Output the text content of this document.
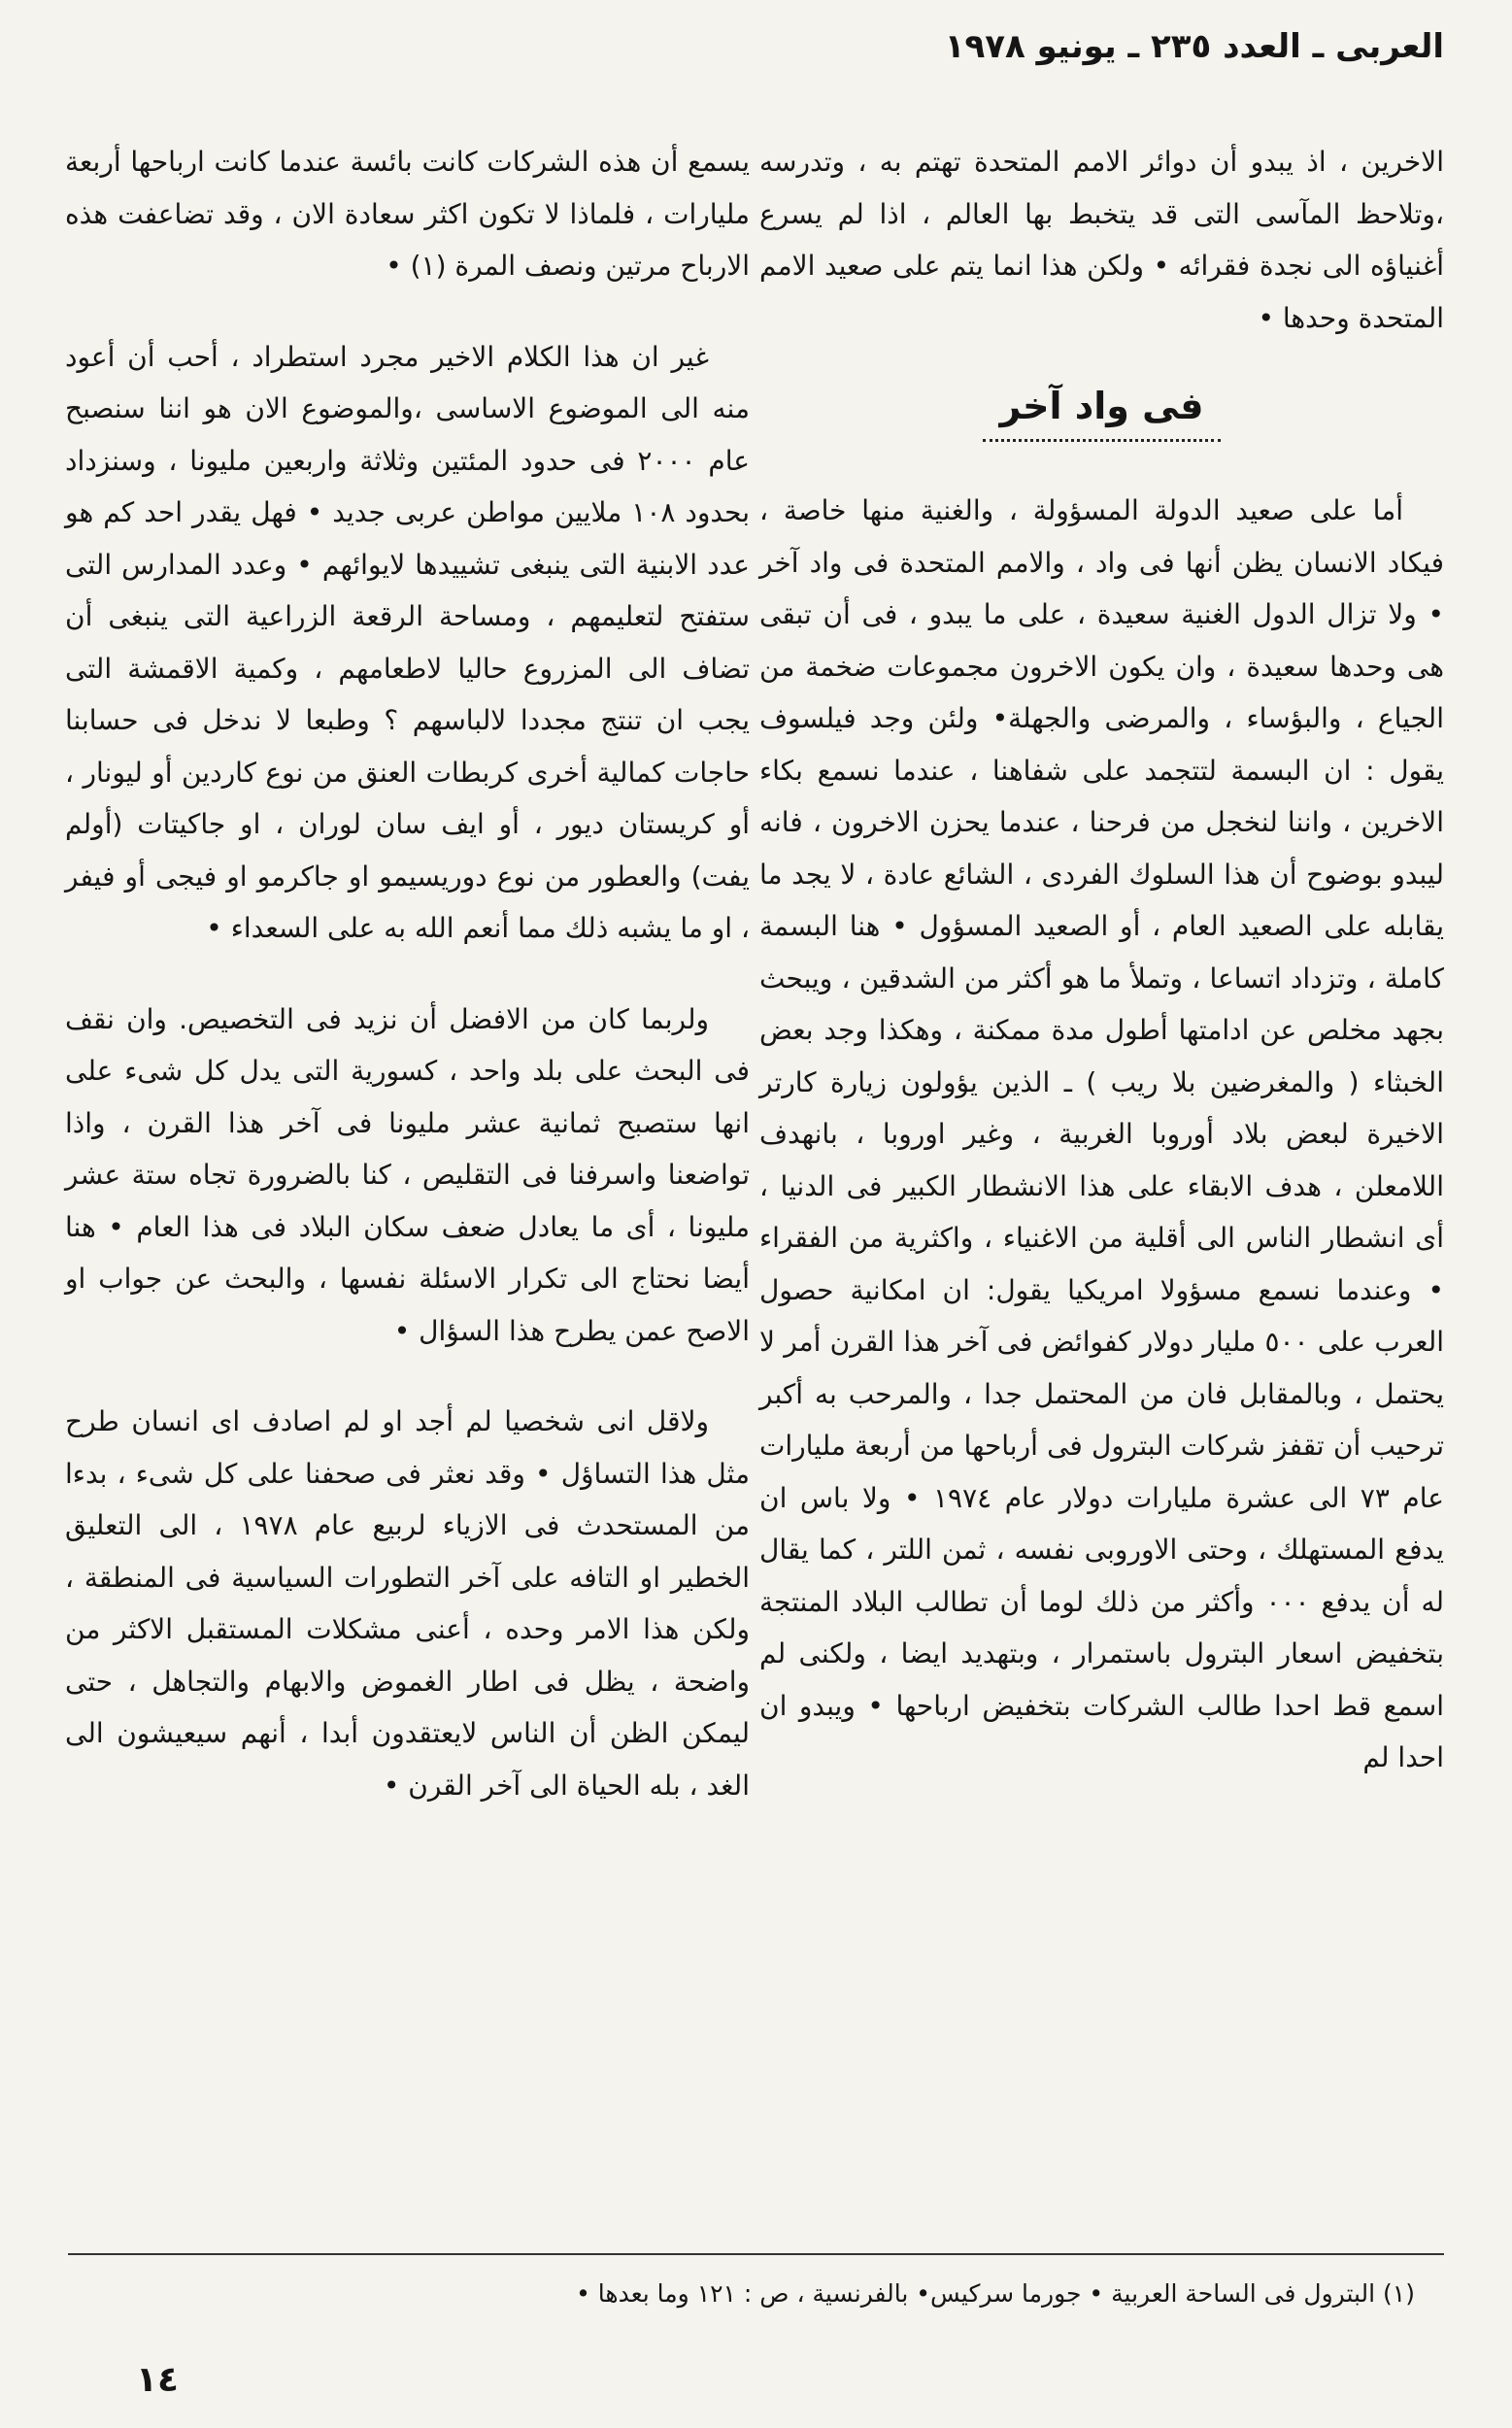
العربى ـ العدد ٢٣٥ ـ يونيو ١٩٧٨

الاخرين ، اذ يبدو أن دوائر الامم المتحدة تهتم به ، وتدرسه ،وتلاحظ المآسى التى قد يتخبط بها العالم ، اذا لم يسرع أغنياؤه الى نجدة فقرائه • ولكن هذا انما يتم على صعيد الامم المتحدة وحدها •

فى واد آخر

أما على صعيد الدولة المسؤولة ، والغنية منها خاصة ، فيكاد الانسان يظن أنها فى واد ، والامم المتحدة فى واد آخر • ولا تزال الدول الغنية سعيدة ، على ما يبدو ، فى أن تبقى هى وحدها سعيدة ، وان يكون الاخرون مجموعات ضخمة من الجياع ، والبؤساء ، والمرضى والجهلة• ولئن وجد فيلسوف يقول : ان البسمة لتتجمد على شفاهنا ، عندما نسمع بكاء الاخرين ، واننا لنخجل من فرحنا ، عندما يحزن الاخرون ، فانه ليبدو بوضوح أن هذا السلوك الفردى ، الشائع عادة ، لا يجد ما يقابله على الصعيد العام ، أو الصعيد المسؤول • هنا البسمة كاملة ، وتزداد اتساعا ، وتملأ ما هو أكثر من الشدقين ، ويبحث بجهد مخلص عن ادامتها أطول مدة ممكنة ، وهكذا وجد بعض الخبثاء ( والمغرضين بلا ريب ) ـ الذين يؤولون زيارة كارتر الاخيرة لبعض بلاد أوروبا الغربية ، وغير اوروبا ، بانهدف اللامعلن ، هدف الابقاء على هذا الانشطار الكبير فى الدنيا ، أى انشطار الناس الى أقلية من الاغنياء ، واكثرية من الفقراء • وعندما نسمع مسؤولا امريكيا يقول: ان امكانية حصول العرب على ٥٠٠ مليار دولار كفوائض فى آخر هذا القرن أمر لا يحتمل ، وبالمقابل فان من المحتمل جدا ، والمرحب به أكبر ترحيب أن تقفز شركات البترول فى أرباحها من أربعة مليارات عام ٧٣ الى عشرة مليارات دولار عام ١٩٧٤ • ولا باس ان يدفع المستهلك ، وحتى الاوروبى نفسه ، ثمن اللتر ، كما يقال له أن يدفع ٠٠٠ وأكثر من ذلك لوما أن تطالب البلاد المنتجة بتخفيض اسعار البترول باستمرار ، وبتهديد ايضا ، ولكنى لم اسمع قط احدا طالب الشركات بتخفيض ارباحها • ويبدو ان احدا لم

يسمع أن هذه الشركات كانت بائسة عندما كانت ارباحها أربعة مليارات ، فلماذا لا تكون اكثر سعادة الان ، وقد تضاعفت هذه الارباح مرتين ونصف المرة (١) •

غير ان هذا الكلام الاخير مجرد استطراد ، أحب أن أعود منه الى الموضوع الاساسى ،والموضوع الان هو اننا سنصبح عام ٢٠٠٠ فى حدود المئتين وثلاثة واربعين مليونا ، وسنزداد بحدود ١٠٨ ملايين مواطن عربى جديد • فهل يقدر احد كم هو عدد الابنية التى ينبغى تشييدها لايوائهم • وعدد المدارس التى ستفتح لتعليمهم ، ومساحة الرقعة الزراعية التى ينبغى أن تضاف الى المزروع حاليا لاطعامهم ، وكمية الاقمشة التى يجب ان تنتج مجددا لالباسهم ؟ وطبعا لا ندخل فى حسابنا حاجات كمالية أخرى كربطات العنق من نوع كاردين أو ليونار ، أو كريستان ديور ، أو ايف سان لوران ، او جاكيتات (أولم يفت) والعطور من نوع دوريسيمو او جاكرمو او فيجى أو فيفر ، او ما يشبه ذلك مما أنعم الله به على السعداء •

ولربما كان من الافضل أن نزيد فى التخصيص. وان نقف فى البحث على بلد واحد ، كسورية التى يدل كل شىء على انها ستصبح ثمانية عشر مليونا فى آخر هذا القرن ، واذا تواضعنا واسرفنا فى التقليص ، كنا بالضرورة تجاه ستة عشر مليونا ، أى ما يعادل ضعف سكان البلاد فى هذا العام • هنا أيضا نحتاج الى تكرار الاسئلة نفسها ، والبحث عن جواب او الاصح عمن يطرح هذا السؤال •

ولاقل انى شخصيا لم أجد او لم اصادف اى انسان طرح مثل هذا التساؤل • وقد نعثر فى صحفنا على كل شىء ، بدءا من المستحدث فى الازياء لربيع عام ١٩٧٨ ، الى التعليق الخطير او التافه على آخر التطورات السياسية فى المنطقة ، ولكن هذا الامر وحده ، أعنى مشكلات المستقبل الاكثر من واضحة ، يظل فى اطار الغموض والابهام والتجاهل ، حتى ليمكن الظن أن الناس لايعتقدون أبدا ، أنهم سيعيشون الى الغد ، بله الحياة الى آخر القرن •

(١) البترول فى الساحة العربية • جورما سركيس• بالفرنسية ، ص : ١٢١ وما بعدها •
١٤
